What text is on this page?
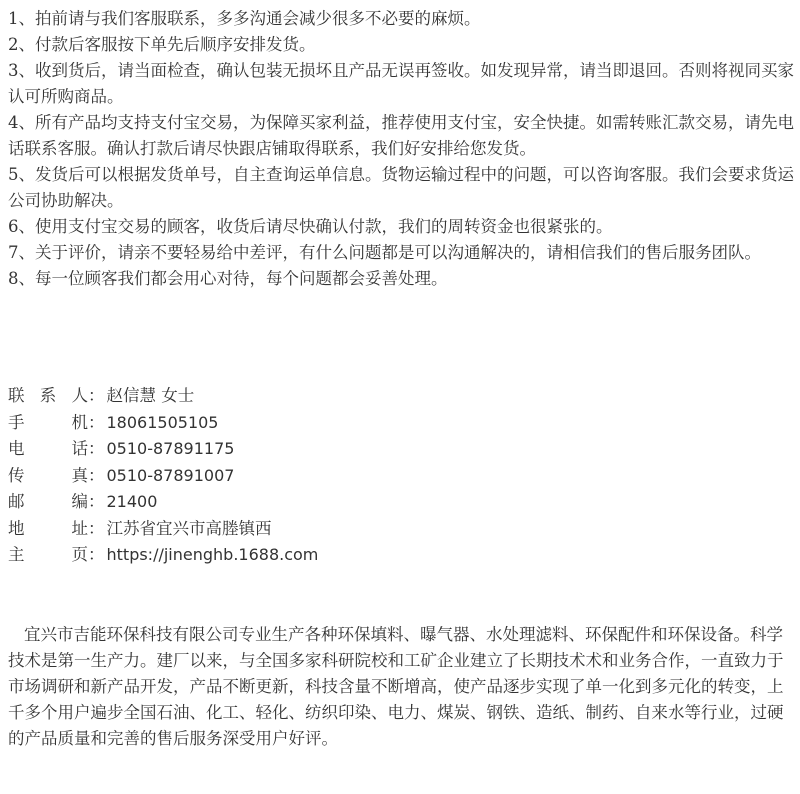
1、拍前请与我们客服联系，多多沟通会减少很多不必要的麻烦。

2、付款后客服按下单先后顺序安排发货。

3、收到货后，请当面检查，确认包装无损坏且产品无误再签收。如发现异常，请当即退回。否则将视同买家认可所购商品。

4、所有产品均支持支付宝交易，为保障买家利益，推荐使用支付宝，安全快捷。如需转账汇款交易，请先电话联系客服。确认打款后请尽快跟店铺取得联系，我们好安排给您发货。

5、发货后可以根据发货单号，自主查询运单信息。货物运输过程中的问题，可以咨询客服。我们会要求货运公司协助解决。

6、使用支付宝交易的顾客，收货后请尽快确认付款，我们的周转资金也很紧张的。

7、关于评价，请亲不要轻易给中差评，有什么问题都是可以沟通解决的，请相信我们的售后服务团队。

8、每一位顾客我们都会用心对待，每个问题都会妥善处理。

联系人 ： 赵信慧 女士
手机 ： 18061505105
电话 ： 0510-87891175
传真 ： 0510-87891007
邮编 ： 21400
地址 ： 江苏省宜兴市高塍镇西
主页 ： https://jinenghb.1688.com

宜兴市吉能环保科技有限公司专业生产各种环保填料、曝气器、水处理滤料、环保配件和环保设备。科学技术是第一生产力。建厂以来，与全国多家科研院校和工矿企业建立了长期技术术和业务合作，一直致力于市场调研和新产品开发，产品不断更新，科技含量不断增高，使产品逐步实现了单一化到多元化的转变，上千多个用户遍步全国石油、化工、轻化、纺织印染、电力、煤炭、钢铁、造纸、制药、自来水等行业，过硬的产品质量和完善的售后服务深受用户好评。
